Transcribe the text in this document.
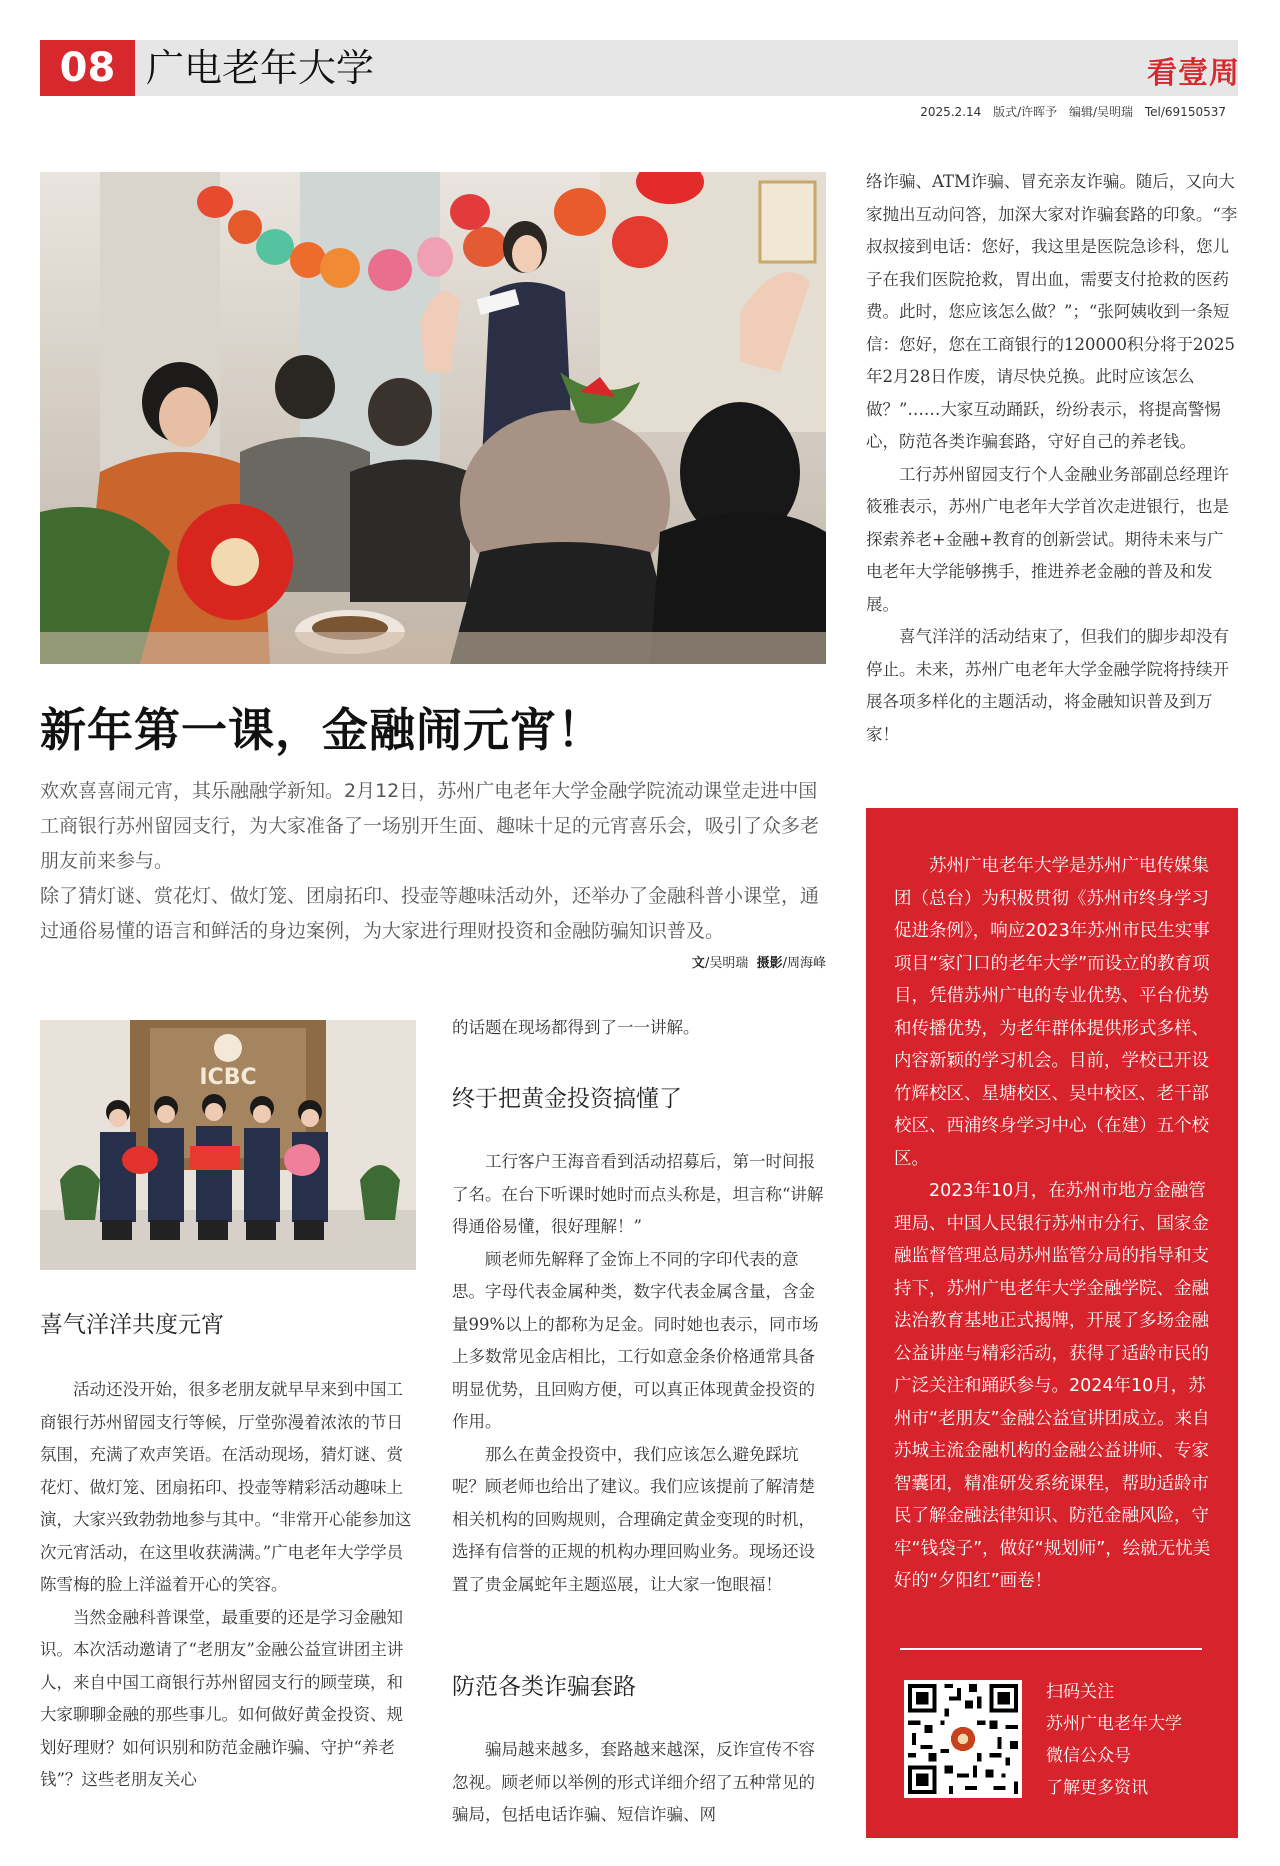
08 广电老年大学	看壹周
2025.2.14 版式/许晖予 编辑/吴明瑞 Tel/69150537
新年第一课，金融闹元宵！

欢欢喜喜闹元宵，其乐融融学新知。2月12日，苏州广电老年大学金融学院流动课堂走进中国工商银行苏州留园支行，为大家准备了一场别开生面、趣味十足的元宵喜乐会，吸引了众多老朋友前来参与。

除了猜灯谜、赏花灯、做灯笼、团扇拓印、投壶等趣味活动外，还举办了金融科普小课堂，通过通俗易懂的语言和鲜活的身边案例，为大家进行理财投资和金融防骗知识普及。

文/吴明瑞 摄影/周海峰
ICBC
喜气洋洋共度元宵

活动还没开始，很多老朋友就早早来到中国工商银行苏州留园支行等候，厅堂弥漫着浓浓的节日氛围，充满了欢声笑语。在活动现场，猜灯谜、赏花灯、做灯笼、团扇拓印、投壶等精彩活动趣味上演，大家兴致勃勃地参与其中。“非常开心能参加这次元宵活动，在这里收获满满。”广电老年大学学员陈雪梅的脸上洋溢着开心的笑容。

当然金融科普课堂，最重要的还是学习金融知识。本次活动邀请了“老朋友”金融公益宣讲团主讲人，来自中国工商银行苏州留园支行的顾莹瑛，和大家聊聊金融的那些事儿。如何做好黄金投资、规划好理财？如何识别和防范金融诈骗、守护“养老钱”？这些老朋友关心

的话题在现场都得到了一一讲解。

终于把黄金投资搞懂了

工行客户王海音看到活动招募后，第一时间报了名。在台下听课时她时而点头称是，坦言称“讲解得通俗易懂，很好理解！”

顾老师先解释了金饰上不同的字印代表的意思。字母代表金属种类，数字代表金属含量，含金量99%以上的都称为足金。同时她也表示，同市场上多数常见金店相比，工行如意金条价格通常具备明显优势，且回购方便，可以真正体现黄金投资的作用。

那么在黄金投资中，我们应该怎么避免踩坑呢？顾老师也给出了建议。我们应该提前了解清楚相关机构的回购规则，合理确定黄金变现的时机，选择有信誉的正规的机构办理回购业务。现场还设置了贵金属蛇年主题巡展，让大家一饱眼福！

防范各类诈骗套路

骗局越来越多，套路越来越深，反诈宣传不容忽视。顾老师以举例的形式详细介绍了五种常见的骗局，包括电话诈骗、短信诈骗、网

络诈骗、ATM诈骗、冒充亲友诈骗。随后，又向大家抛出互动问答，加深大家对诈骗套路的印象。“李叔叔接到电话：您好，我这里是医院急诊科，您儿子在我们医院抢救，胃出血，需要支付抢救的医药费。此时，您应该怎么做？”；“张阿姨收到一条短信：您好，您在工商银行的120000积分将于2025年2月28日作废，请尽快兑换。此时应该怎么做？”……大家互动踊跃，纷纷表示，将提高警惕心，防范各类诈骗套路，守好自己的养老钱。

工行苏州留园支行个人金融业务部副总经理许筱雅表示，苏州广电老年大学首次走进银行，也是探索养老+金融+教育的创新尝试。期待未来与广电老年大学能够携手，推进养老金融的普及和发展。

喜气洋洋的活动结束了，但我们的脚步却没有停止。未来，苏州广电老年大学金融学院将持续开展各项多样化的主题活动，将金融知识普及到万家！

苏州广电老年大学是苏州广电传媒集团（总台）为积极贯彻《苏州市终身学习促进条例》，响应2023年苏州市民生实事项目“家门口的老年大学”而设立的教育项目，凭借苏州广电的专业优势、平台优势和传播优势，为老年群体提供形式多样、内容新颖的学习机会。目前，学校已开设竹辉校区、星塘校区、吴中校区、老干部校区、西浦终身学习中心（在建）五个校区。

2023年10月，在苏州市地方金融管理局、中国人民银行苏州市分行、国家金融监督管理总局苏州监管分局的指导和支持下，苏州广电老年大学金融学院、金融法治教育基地正式揭牌，开展了多场金融公益讲座与精彩活动，获得了适龄市民的广泛关注和踊跃参与。2024年10月，苏州市“老朋友”金融公益宣讲团成立。来自苏城主流金融机构的金融公益讲师、专家智囊团，精准研发系统课程，帮助适龄市民了解金融法律知识、防范金融风险，守牢“钱袋子”，做好“规划师”，绘就无忧美好的“夕阳红”画卷！

扫码关注
苏州广电老年大学
微信公众号
了解更多资讯
